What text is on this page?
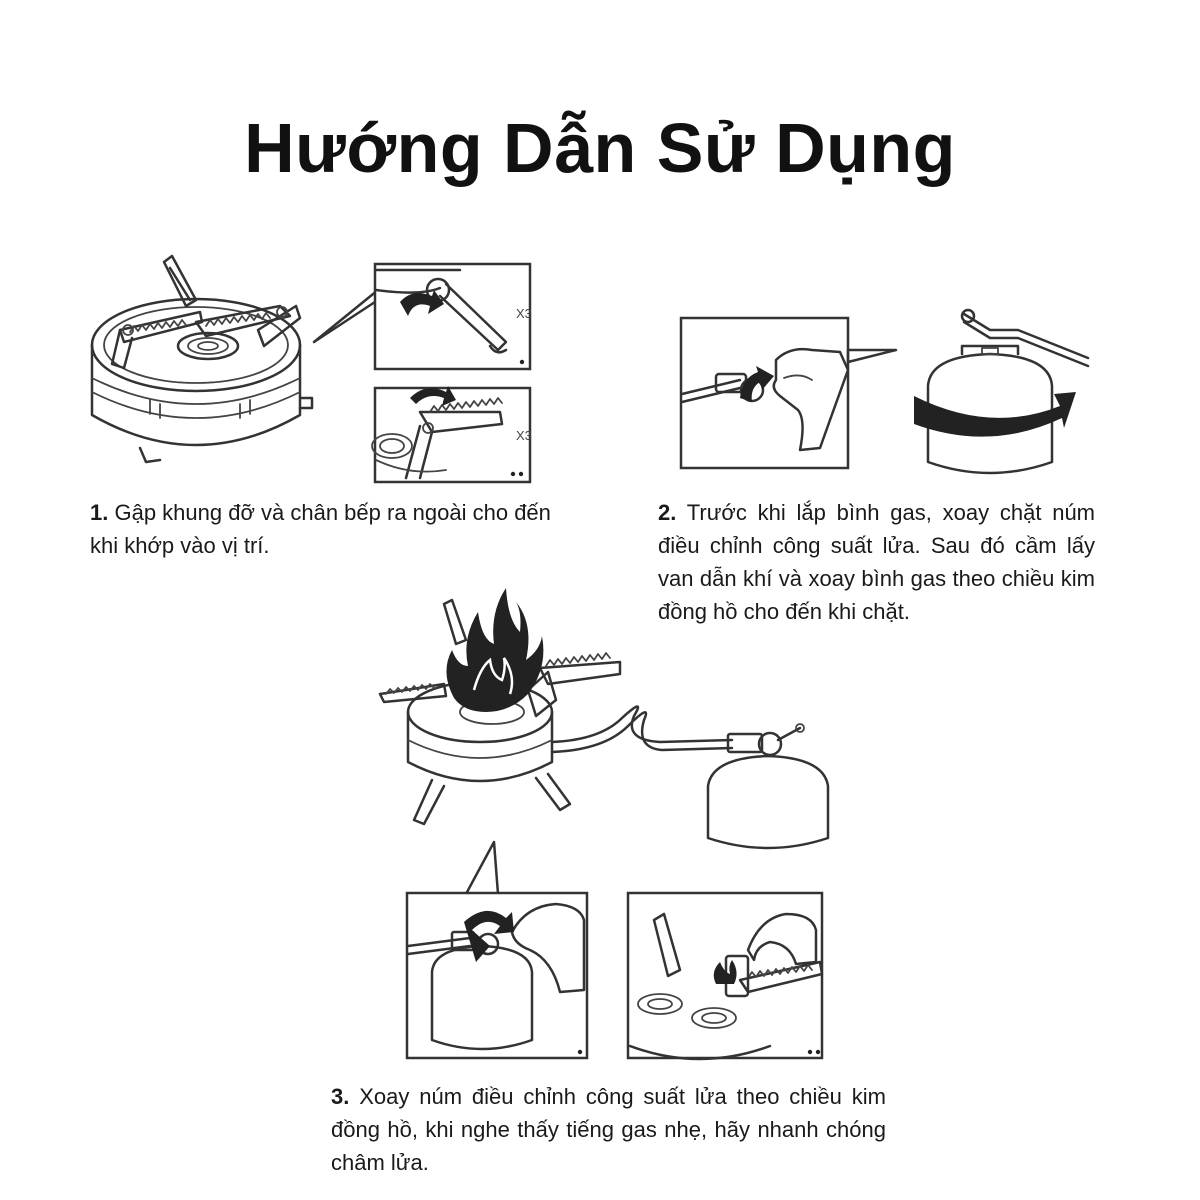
Hướng Dẫn Sử Dụng
X3
X3
1. Gập khung đỡ và chân bếp ra ngoài cho đến khi khớp vào vị trí.
2. Trước khi lắp bình gas, xoay chặt núm điều chỉnh công suất lửa. Sau đó cầm lấy van dẫn khí và xoay bình gas theo chiều kim đồng hồ cho đến khi chặt.
3. Xoay núm điều chỉnh công suất lửa theo chiều kim đồng hồ, khi nghe thấy tiếng gas nhẹ, hãy nhanh chóng châm lửa.
